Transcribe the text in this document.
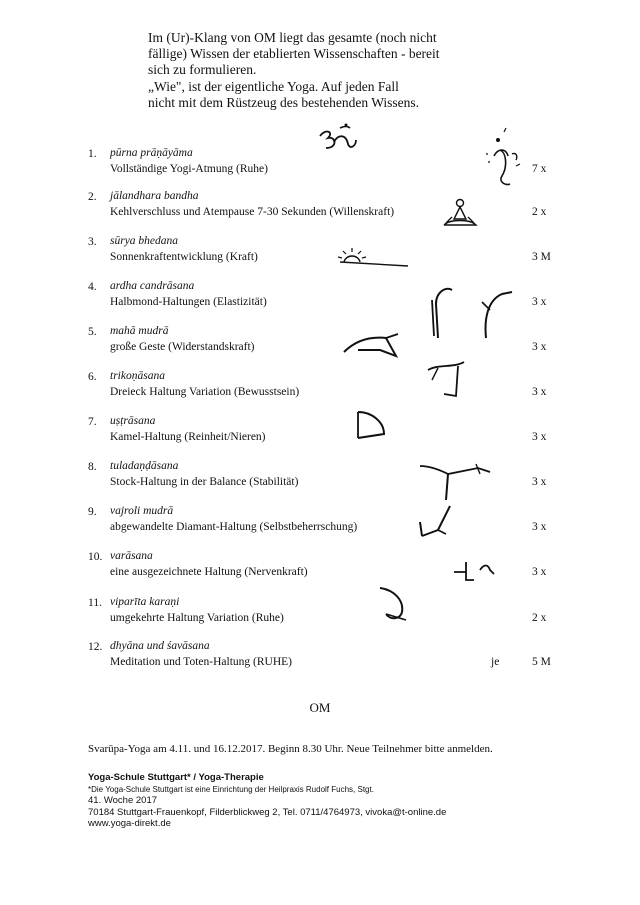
Im (Ur)-Klang von OM liegt das gesamte (noch nicht
fällige) Wissen der etablierten Wissenschaften - bereit
sich zu formulieren.
„Wie", ist der eigentliche Yoga. Auf jeden Fall
nicht mit dem Rüstzeug des bestehenden Wissens.
1. pūrna prāṇāyāma
Vollständige Yogi-Atmung (Ruhe)	7 x
2. jālandhara bandha
Kehlverschluss und Atempause 7-30 Sekunden (Willenskraft)	2 x
3. sūrya bhedana
Sonnenkraftentwicklung (Kraft)	3 M
4. ardha candrāsana
Halbmond-Haltungen (Elastizität)	3 x
5. mahā mudrā
große Geste (Widerstandskraft)	3 x
6. trikoṇāsana
Dreieck Haltung Variation (Bewusstsein)	3 x
7. uṣṭrāsana
Kamel-Haltung (Reinheit/Nieren)	3 x
8. tuladaṇḍāsana
Stock-Haltung in der Balance (Stabilität)	3 x
9. vajroli mudrā
abgewandelte Diamant-Haltung (Selbstbeherrschung)	3 x
10. varāsana
eine ausgezeichnete Haltung (Nervenkraft)	3 x
11. viparīta karaṇi
umgekehrte Haltung Variation (Ruhe)	2 x
12. dhyāna und śavāsana
Meditation und Toten-Haltung (RUHE)	je	5 M
OM
Svarūpa-Yoga am 4.11. und 16.12.2017. Beginn 8.30 Uhr. Neue Teilnehmer bitte anmelden.
Yoga-Schule Stuttgart* / Yoga-Therapie
*Die Yoga-Schule Stuttgart ist eine Einrichtung der Heilpraxis Rudolf Fuchs, Stgt.
41. Woche 2017
70184 Stuttgart-Frauenkopf, Filderblickweg 2, Tel. 0711/4764973, vivoka@t-online.de
www.yoga-direkt.de
